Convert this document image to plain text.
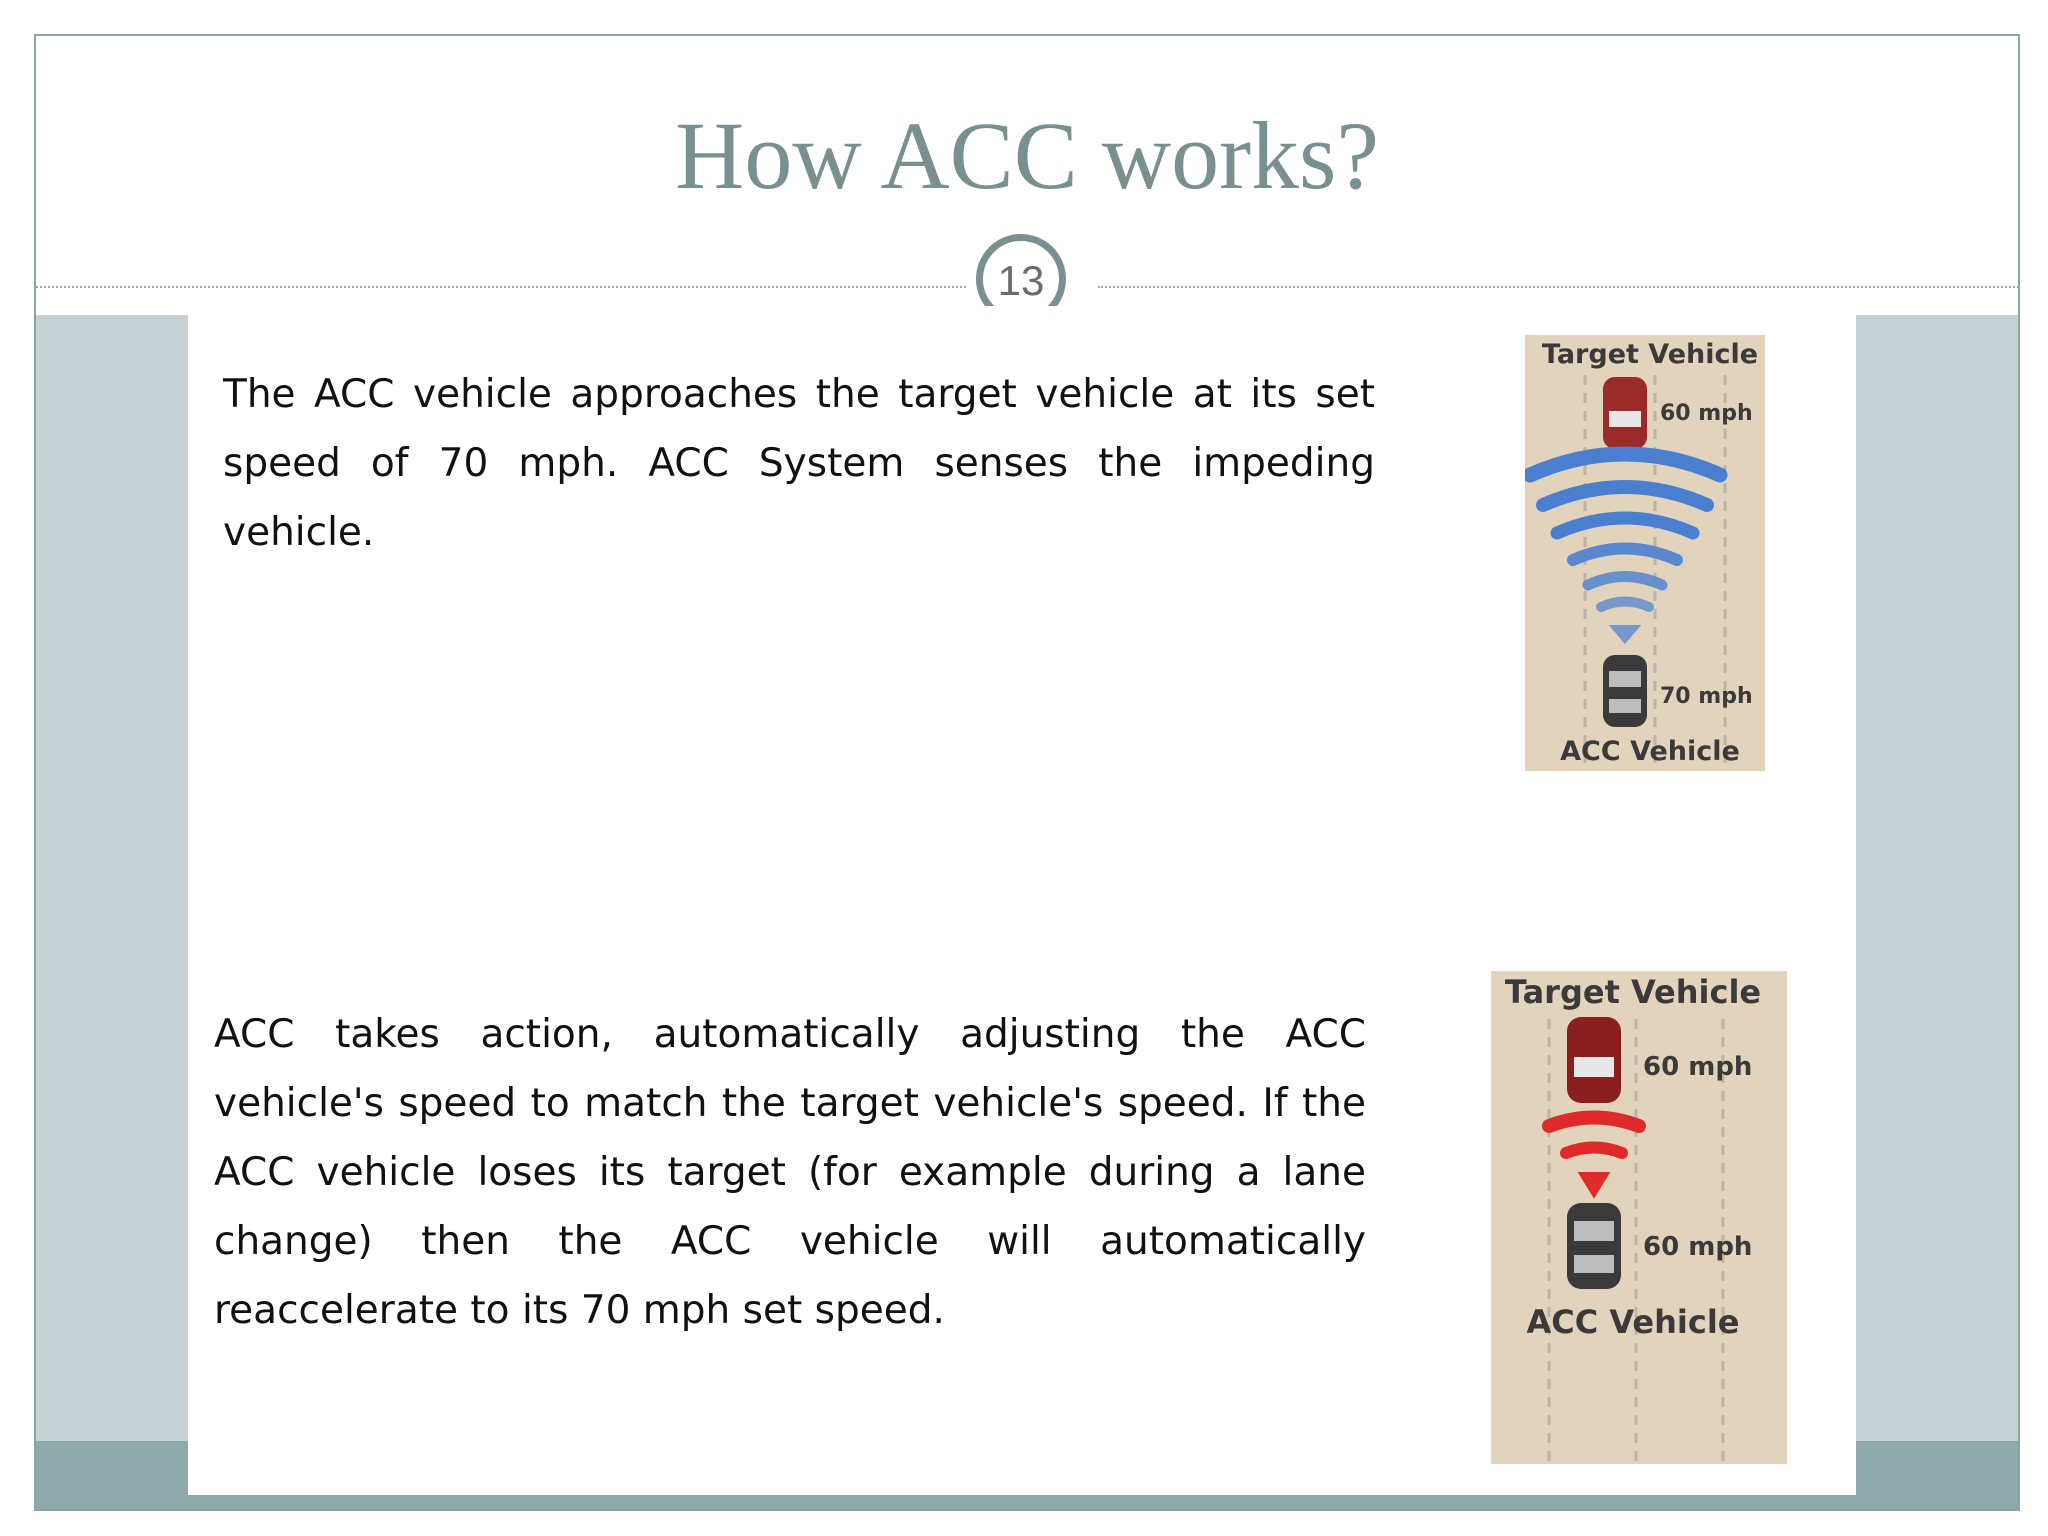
How ACC works?
13

The ACC vehicle approaches the target vehicle at its set speed of 70 mph. ACC System senses the impeding vehicle.

Target Vehicle
60 mph
70 mph
ACC Vehicle

ACC takes action, automatically adjusting the ACC vehicle's speed to match the target vehicle's speed. If the ACC vehicle loses its target (for example during a lane change) then the ACC vehicle will automatically reaccelerate to its 70 mph set speed.

Target Vehicle
60 mph
60 mph
ACC Vehicle
